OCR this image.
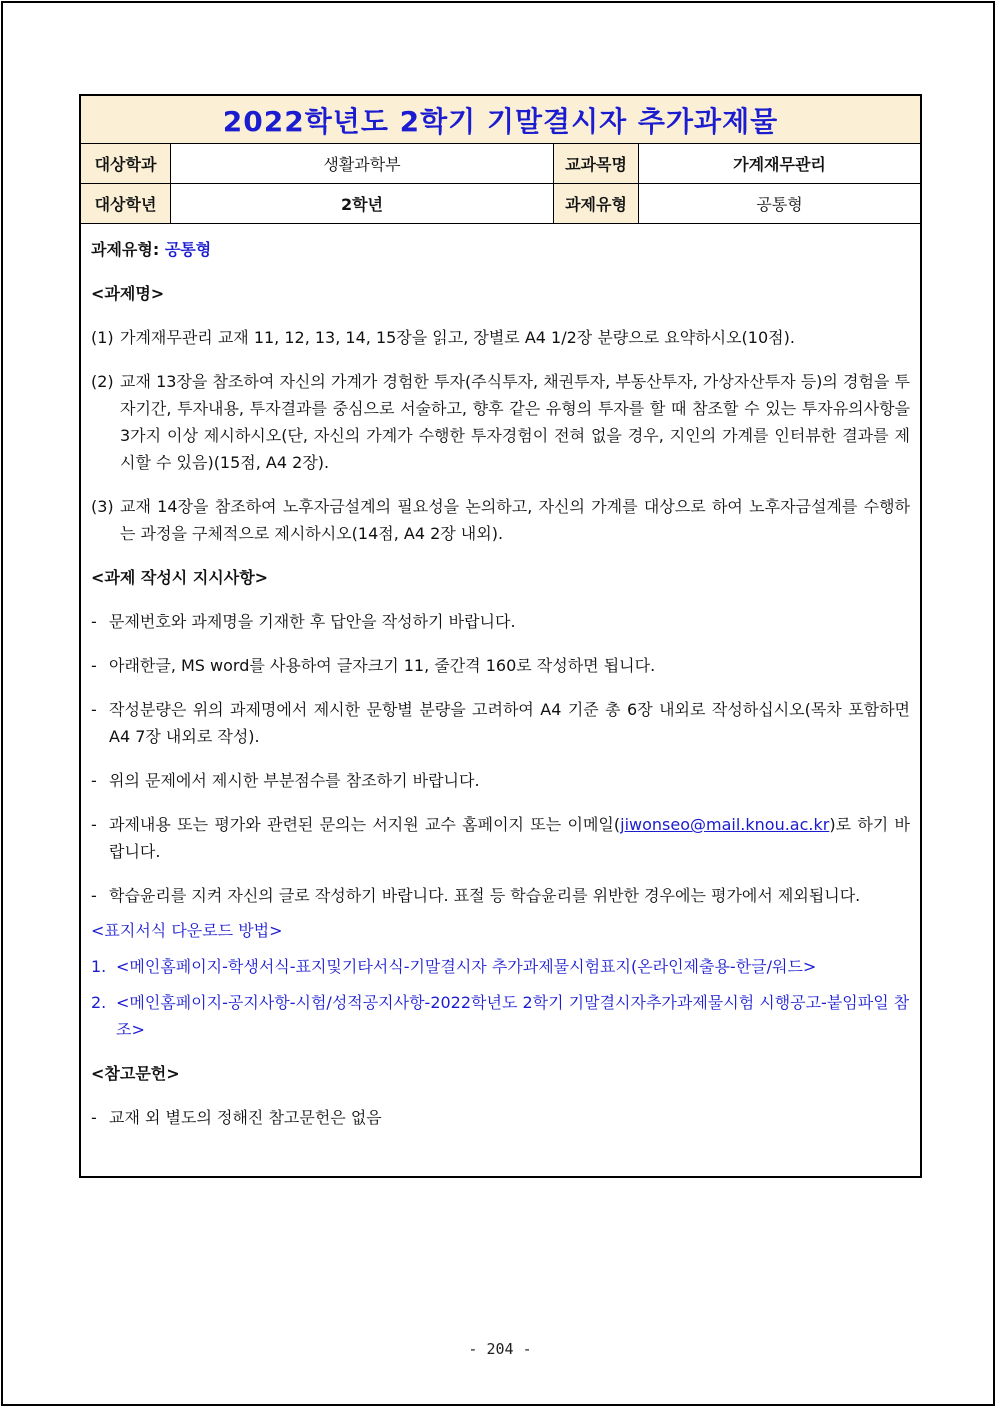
2022학년도 2학기 기말결시자 추가과제물
대상학과	생활과학부	교과목명	가계재무관리
대상학년	2학년	과제유형	공통형
과제유형: 공통형
<과제명>
(1) 가계재무관리 교재 11, 12, 13, 14, 15장을 읽고, 장별로 A4 1/2장 분량으로 요약하시오(10점).
(2) 교재 13장을 참조하여 자신의 가계가 경험한 투자(주식투자, 채권투자, 부동산투자, 가상자산투자 등)의 경험을 투자기간, 투자내용, 투자결과를 중심으로 서술하고, 향후 같은 유형의 투자를 할 때 참조할 수 있는 투자유의사항을 3가지 이상 제시하시오(단, 자신의 가계가 수행한 투자경험이 전혀 없을 경우, 지인의 가계를 인터뷰한 결과를 제시할 수 있음)(15점, A4 2장).
(3) 교재 14장을 참조하여 노후자금설계의 필요성을 논의하고, 자신의 가계를 대상으로 하여 노후자금설계를 수행하는 과정을 구체적으로 제시하시오(14점, A4 2장 내외).
<과제 작성시 지시사항>
- 문제번호와 과제명을 기재한 후 답안을 작성하기 바랍니다.
- 아래한글, MS word를 사용하여 글자크기 11, 줄간격 160로 작성하면 됩니다.
- 작성분량은 위의 과제명에서 제시한 문항별 분량을 고려하여 A4 기준 총 6장 내외로 작성하십시오(목차 포함하면 A4 7장 내외로 작성).
- 위의 문제에서 제시한 부분점수를 참조하기 바랍니다.
- 과제내용 또는 평가와 관련된 문의는 서지원 교수 홈페이지 또는 이메일(jiwonseo@mail.knou.ac.kr)로 하기 바랍니다.
- 학습윤리를 지켜 자신의 글로 작성하기 바랍니다. 표절 등 학습윤리를 위반한 경우에는 평가에서 제외됩니다.
<표지서식 다운로드 방법>
1. <메인홈페이지-학생서식-표지및기타서식-기말결시자 추가과제물시험표지(온라인제출용-한글/워드>
2. <메인홈페이지-공지사항-시험/성적공지사항-2022학년도 2학기 기말결시자추가과제물시험 시행공고-붙임파일 참조>
<참고문헌>
- 교재 외 별도의 정해진 참고문헌은 없음
- 204 -
